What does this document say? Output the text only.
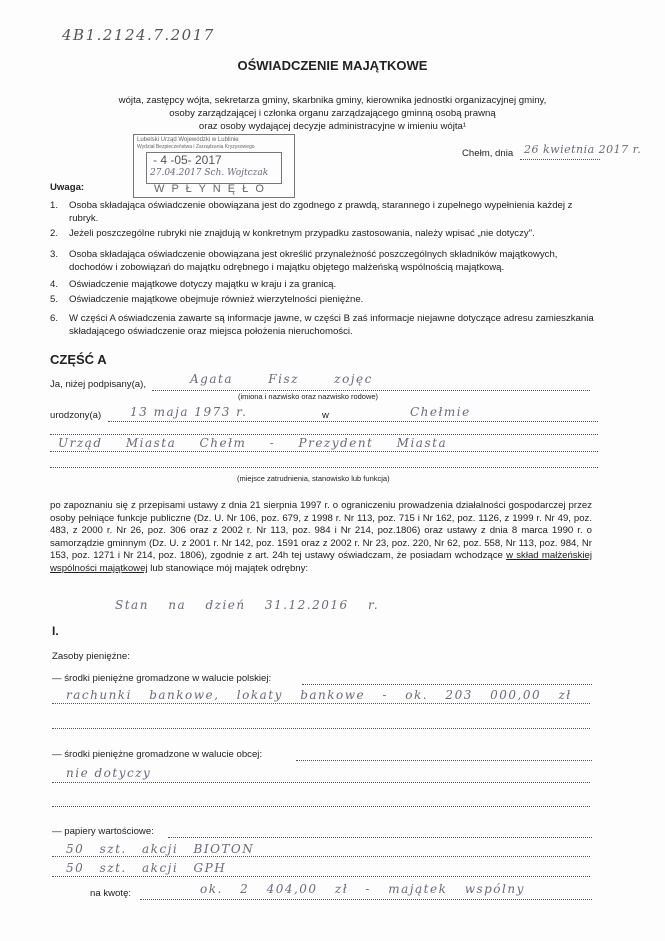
4B1.2124.7.2017
OŚWIADCZENIE MAJĄTKOWE
wójta, zastępcy wójta, sekretarza gminy, skarbnika gminy, kierownika jednostki organizacyjnej gminy,
osoby zarządzającej i członka organu zarządzającego gminną osobą prawną
oraz osoby wydającej decyzje administracyjne w imieniu wójta¹
Chełm, dnia 26 kwietnia 2017 r.
Lubelski Urząd Wojewódzki w Lublinie
Wydział Bezpieczeństwa i Zarządzania Kryzysowego
- 4 -05- 2017
27.04.2017 Sch. Wojtczak
W P Ł Y N Ę Ł O
Uwaga:
1. Osoba składająca oświadczenie obowiązana jest do zgodnego z prawdą, starannego i zupełnego wypełnienia każdej z rubryk.
2. Jeżeli poszczególne rubryki nie znajdują w konkretnym przypadku zastosowania, należy wpisać „nie dotyczy".
3. Osoba składająca oświadczenie obowiązana jest określić przynależność poszczególnych składników majątkowych, dochodów i zobowiązań do majątku odrębnego i majątku objętego małżeńską wspólnością majątkową.
4. Oświadczenie majątkowe dotyczy majątku w kraju i za granicą.
5. Oświadczenie majątkowe obejmuje również wierzytelności pieniężne.
6. W części A oświadczenia zawarte są informacje jawne, w części B zaś informacje niejawne dotyczące adresu zamieszkania składającego oświadczenie oraz miejsca położenia nieruchomości.
CZĘŚĆ A
Ja, niżej podpisany(a),	Agata Fisz zojęc
(imiona i nazwisko oraz nazwisko rodowe)
urodzony(a) 13 maja 1973 r.	w	Chełmie
Urząd Miasta Chełm - Prezydent Miasta
(miejsce zatrudnienia, stanowisko lub funkcja)
po zapoznaniu się z przepisami ustawy z dnia 21 sierpnia 1997 r. o ograniczeniu prowadzenia działalności gospodarczej przez osoby pełniące funkcje publiczne (Dz. U. Nr 106, poz. 679, z 1998 r. Nr 113, poz. 715 i Nr 162, poz. 1126, z 1999 r. Nr 49, poz. 483, z 2000 r. Nr 26, poz. 306 oraz z 2002 r. Nr 113, poz. 984 i Nr 214, poz.1806) oraz ustawy z dnia 8 marca 1990 r. o samorządzie gminnym (Dz. U. z 2001 r. Nr 142, poz. 1591 oraz z 2002 r. Nr 23, poz. 220, Nr 62, poz. 558, Nr 113, poz. 984, Nr 153, poz. 1271 i Nr 214, poz. 1806), zgodnie z art. 24h tej ustawy oświadczam, że posiadam wchodzące w skład małżeńskiej wspólności majątkowej lub stanowiące mój majątek odrębny:
Stan na dzień 31.12.2016 r.
I.
Zasoby pieniężne:
— środki pieniężne gromadzone w walucie polskiej:
rachunki bankowe, lokaty bankowe - ok. 203 000,00 zł
— środki pieniężne gromadzone w walucie obcej:
nie dotyczy
— papiery wartościowe:
50 szt. akcji BIOTON
50 szt. akcji GPH
na kwotę:	ok. 2 404,00 zł - majątek wspólny
